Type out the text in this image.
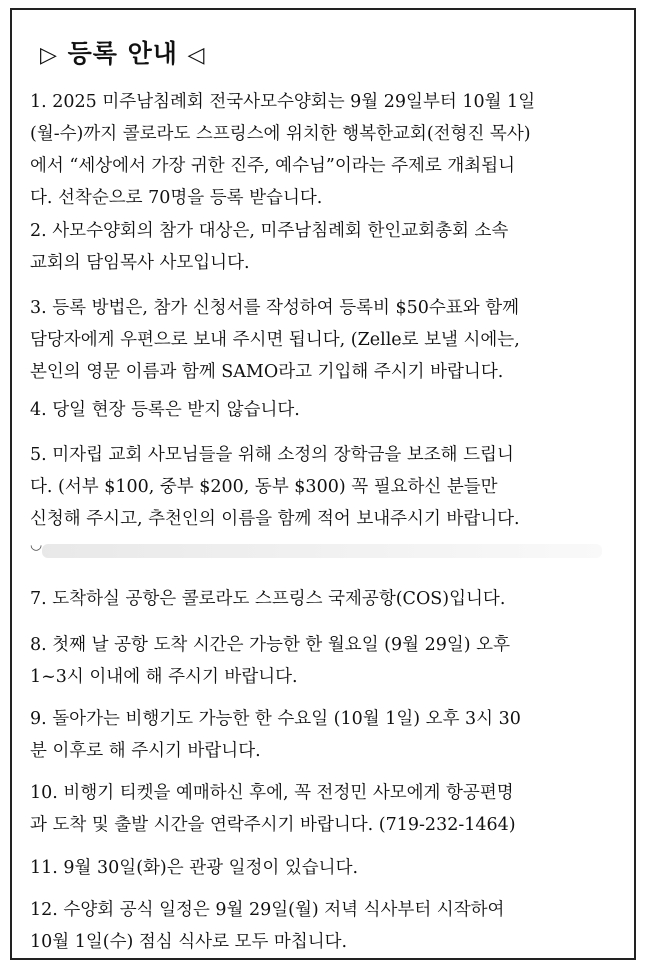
▷ 등록 안내 ◁
1. 2025 미주남침례회 전국사모수양회는 9월 29일부터 10월 1일
(월-수)까지 콜로라도 스프링스에 위치한 행복한교회(전형진 목사)
에서 “세상에서 가장 귀한 진주, 예수님”이라는 주제로 개최됩니
다. 선착순으로 70명을 등록 받습니다.
2. 사모수양회의 참가 대상은, 미주남침례회 한인교회총회 소속
교회의 담임목사 사모입니다.
3. 등록 방법은, 참가 신청서를 작성하여 등록비 $50수표와 함께
담당자에게 우편으로 보내 주시면 됩니다, (Zelle로 보낼 시에는,
본인의 영문 이름과 함께 SAMO라고 기입해 주시기 바랍니다.
4. 당일 현장 등록은 받지 않습니다.
5. 미자립 교회 사모님들을 위해 소정의 장학금을 보조해 드립니
다. (서부 $100, 중부 $200, 동부 $300) 꼭 필요하신 분들만
신청해 주시고, 추천인의 이름을 함께 적어 보내주시기 바랍니다.
◡
7. 도착하실 공항은 콜로라도 스프링스 국제공항(COS)입니다.
8. 첫째 날 공항 도착 시간은 가능한 한 월요일 (9월 29일) 오후
1~3시 이내에 해 주시기 바랍니다.
9. 돌아가는 비행기도 가능한 한 수요일 (10월 1일) 오후 3시 30
분 이후로 해 주시기 바랍니다.
10. 비행기 티켓을 예매하신 후에, 꼭 전정민 사모에게 항공편명
과 도착 및 출발 시간을 연락주시기 바랍니다. (719-232-1464)
11. 9월 30일(화)은 관광 일정이 있습니다.
12. 수양회 공식 일정은 9월 29일(월) 저녁 식사부터 시작하여
10월 1일(수) 점심 식사로 모두 마칩니다.
